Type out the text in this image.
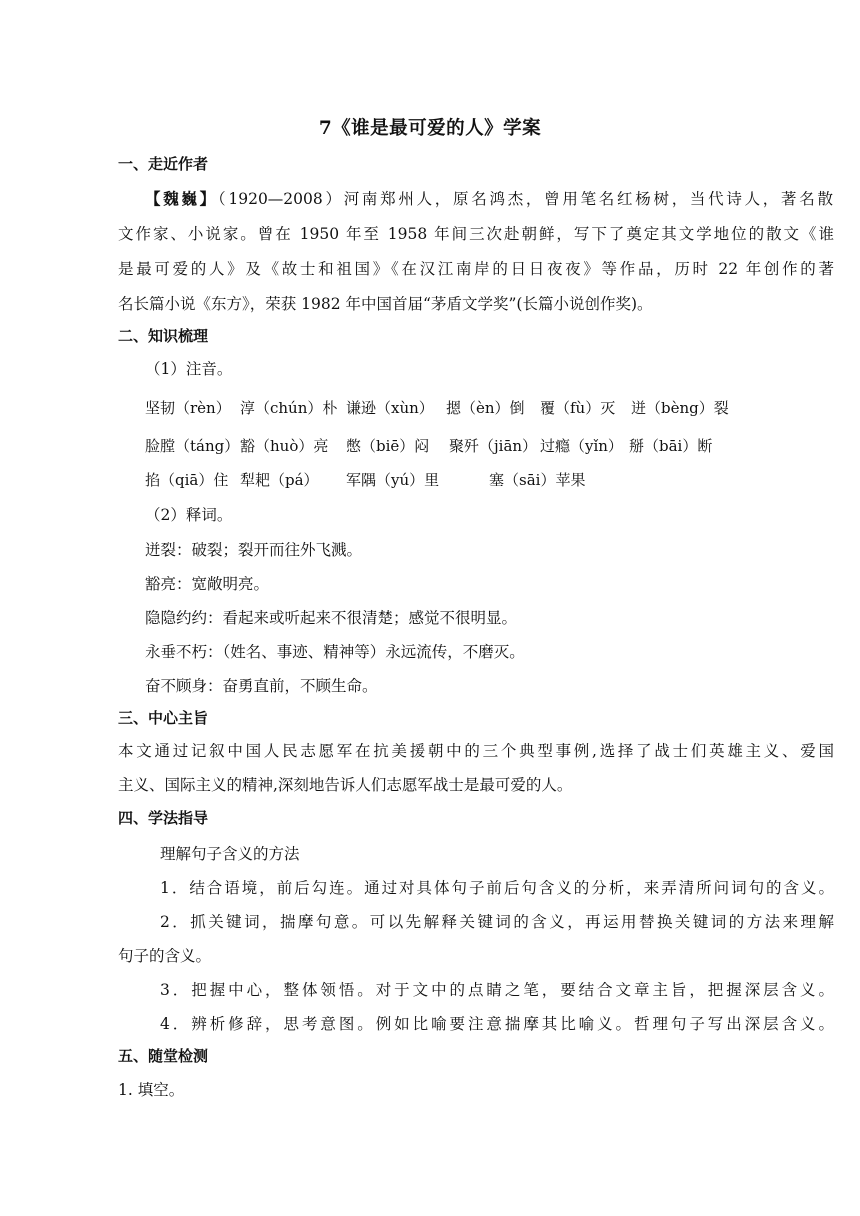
7《谁是最可爱的人》学案
一、走近作者
【魏巍】（1920—2008）河南郑州人，原名鸿杰，曾用笔名红杨树，当代诗人，著名散
文作家、小说家。曾在 1950 年至 1958 年间三次赴朝鲜，写下了奠定其文学地位的散文《谁
是最可爱的人》及《故士和祖国》《在汉江南岸的日日夜夜》等作品，历时 22 年创作的著
名长篇小说《东方》，荣获 1982 年中国首届“茅盾文学奖”(长篇小说创作奖)。
二、知识梳理
（1）注音。
坚韧（rèn） 淳（chún）朴 谦逊（xùn） 摁（èn）倒 覆（fù）灭 迸（bèng）裂
脸膛（táng） 豁（huò）亮 憋（biē）闷 聚歼（jiān） 过瘾（yǐn） 掰（bāi）断
掐（qiā）住 犁耙（pá） 军隅（yú）里	塞（sāi）苹果
（2）释词。
迸裂：破裂；裂开而往外飞溅。
豁亮：宽敞明亮。
隐隐约约：看起来或听起来不很清楚；感觉不很明显。
永垂不朽：（姓名、事迹、精神等）永远流传，不磨灭。
奋不顾身：奋勇直前，不顾生命。
三、中心主旨
本文通过记叙中国人民志愿军在抗美援朝中的三个典型事例,选择了战士们英雄主义、爱国
主义、国际主义的精神,深刻地告诉人们志愿军战士是最可爱的人。
四、学法指导
理解句子含义的方法
1．结合语境，前后勾连。通过对具体句子前后句含义的分析，来弄清所问词句的含义。
2．抓关键词，揣摩句意。可以先解释关键词的含义，再运用替换关键词的方法来理解
句子的含义。
3．把握中心，整体领悟。对于文中的点睛之笔，要结合文章主旨，把握深层含义。
4．辨析修辞，思考意图。例如比喻要注意揣摩其比喻义。哲理句子写出深层含义。
五、随堂检测
1. 填空。
